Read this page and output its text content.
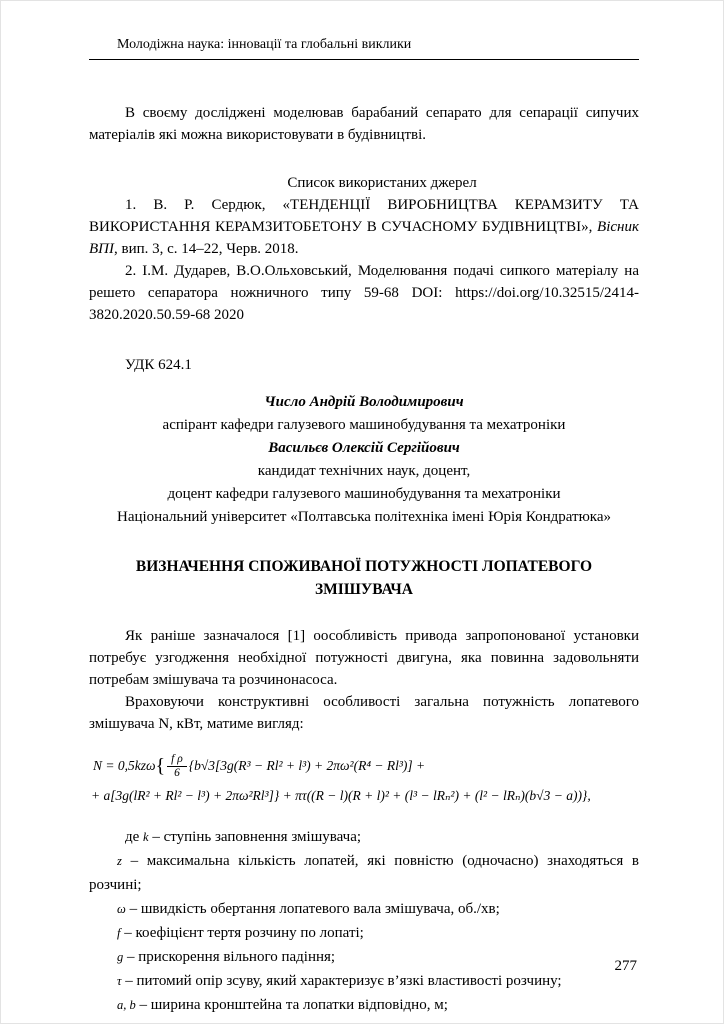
Молодіжна наука: інновації та глобальні виклики

В своєму досліджені моделював барабаний сепарато для сепарації сипучих матеріалів які можна використовувати в будівництві.

Список використаних джерел

1. В. Р. Сердюк, «ТЕНДЕНЦІЇ ВИРОБНИЦТВА КЕРАМЗИТУ ТА ВИКОРИСТАННЯ КЕРАМЗИТОБЕТОНУ В СУЧАСНОМУ БУДІВНИЦТВІ», Вісник ВПІ, вип. 3, с. 14–22, Черв. 2018.

2. І.М. Дударев, В.О.Ольховський, Моделювання подачі сипкого матеріалу на решето сепаратора ножничного типу 59-68 DOI: https://doi.org/10.32515/2414-3820.2020.50.59-68 2020

УДК 624.1

Число Андрій Володимирович

аспірант кафедри галузевого машинобудування та мехатроніки

Васильєв Олексій Сергійович

кандидат технічних наук, доцент,

доцент кафедри галузевого машинобудування та мехатроніки

Національний університет «Полтавська політехніка імені Юрія Кондратюка»

ВИЗНАЧЕННЯ СПОЖИВАНОЇ ПОТУЖНОСТІ ЛОПАТЕВОГО ЗМІШУВАЧА

Як раніше зазначалося [1] оособливість привода запропонованої установки потребує узгодження необхідної потужності двигуна, яка повинна задовольняти потребам змішувача та розчинонасоса.

Враховуючи конструктивні особливості загальна потужність лопатевого змішувача N, кВт, матиме вигляд:

$N = 0,5kz\omega\{ \frac{\text{f ρ}}{6} \{b√3[3g(R^3 - Rl^2 + l^3) + 2\pi\omega^2(R^4 - Rl^3)]$ +
+ a[3g(lR² + Rl² − l³) + 2πω²Rl³]} + πτ((R − l)(R + l)² + (l³ − lRₙ²) + (l² − lRₙ)(b√3 − a))},

де k – ступінь заповнення змішувача;

z – максимальна кількість лопатей, які повністю (одночасно) знаходяться в розчині;

ω – швидкість обертання лопатевого вала змішувача, об./хв;

f – коефіцієнт тертя розчину по лопаті;

g – прискорення вільного падіння;

τ – питомий опір зсуву, який характеризує в’язкі властивості розчину;

a, b – ширина кронштейна та лопатки відповідно, м;

277
